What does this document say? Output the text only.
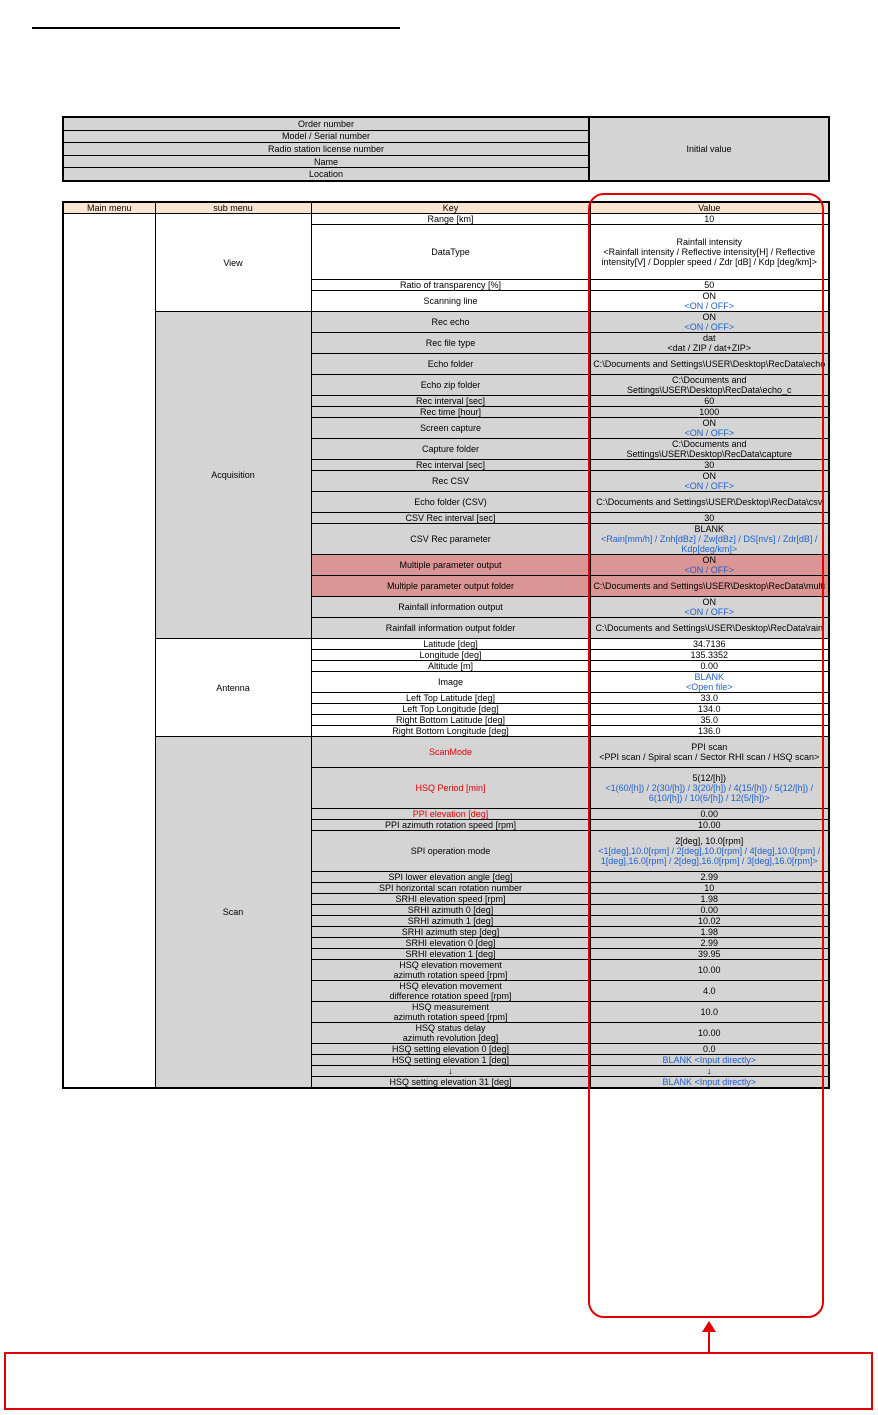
Order number	Initial value
Model / Serial number
Radio station license number
Name
Location
Main menu	sub menu	Key	Value
	View	Range [km]	10

		DataType	Rainfall intensity
<Rainfall intensity / Reflective intensity[H] / Reflective intensity[V] / Doppler speed / Zdr [dB] / Kdp [deg/km]>

		Ratio of transparency [%]	50

		Scanning line	ON
<ON / OFF>

	Acquisition	Rec echo	ON
<ON / OFF>

		Rec file type	dat
<dat / ZIP / dat+ZIP>

		Echo folder	C:\Documents and Settings\USER\Desktop\RecData\echo

		Echo zip folder	C:\Documents and Settings\USER\Desktop\RecData\echo_c

		Rec interval [sec]	60

		Rec time [hour]	1000

		Screen capture	ON
<ON / OFF>

		Capture folder	C:\Documents and Settings\USER\Desktop\RecData\capture

		Rec interval [sec]	30

		Rec CSV	ON
<ON / OFF>

		Echo folder (CSV)	C:\Documents and Settings\USER\Desktop\RecData\csv

		CSV Rec interval [sec]	30

		CSV Rec parameter	BLANK
<Rain[mm/h] / Znh[dBz] / Zw[dBz] / DS[m/s] / Zdr[dB] / Kdp[deg/km]>

		Multiple parameter output	ON
<ON / OFF>

		Multiple parameter output folder	C:\Documents and Settings\USER\Desktop\RecData\multi

		Rainfall information output	ON
<ON / OFF>

		Rainfall information output folder	C:\Documents and Settings\USER\Desktop\RecData\rain

	Antenna	Latitude [deg]	34.7136

		Longitude [deg]	135.3352

		Altitude [m]	0.00

		Image	BLANK
<Open file>

		Left Top Latitude [deg]	33.0

		Left Top Longitude [deg]	134.0

		Right Bottom Latitude [deg]	35.0

		Right Bottom Longitude [deg]	136.0

	Scan	ScanMode	PPI scan
<PPI scan / Spiral scan / Sector RHI scan / HSQ scan>

		HSQ Period [min]	5(12/[h])
<1(60/[h]) / 2(30/[h]) / 3(20/[h]) / 4(15/[h]) / 5(12/[h]) / 6(10/[h]) / 10(6/[h]) / 12(5/[h])>

		PPI elevation [deg]	0.00

		PPI azimuth rotation speed [rpm]	10.00

		SPI operation mode	2[deg], 10.0[rpm]
<1[deg],10.0[rpm] / 2[deg],10.0[rpm] / 4[deg],10.0[rpm] / 1[deg],16.0[rpm] / 2[deg],16.0[rpm] / 3[deg],16.0[rpm]>

		SPI lower elevation angle [deg]	2.99

		SPI horizontal scan rotation number	10

		SRHI elevation speed [rpm]	1.98

		SRHI azimuth 0 [deg]	0.00

		SRHI azimuth 1 [deg]	10.02

		SRHI azimuth step [deg]	1.98

		SRHI elevation 0 [deg]	2.99

		SRHI elevation 1 [deg]	39.95

		HSQ elevation movement
azimuth rotation speed [rpm]	10.00

		HSQ elevation movement
difference rotation speed [rpm]	4.0

		HSQ measurement
azimuth rotation speed [rpm]	10.0

		HSQ status delay
azimuth revolution [deg]	10.00

		HSQ setting elevation 0 [deg]	0.0

		HSQ setting elevation 1 [deg]	BLANK <Input directly>

		↓	↓

		HSQ setting elevation 31 [deg]	BLANK <Input directly>
